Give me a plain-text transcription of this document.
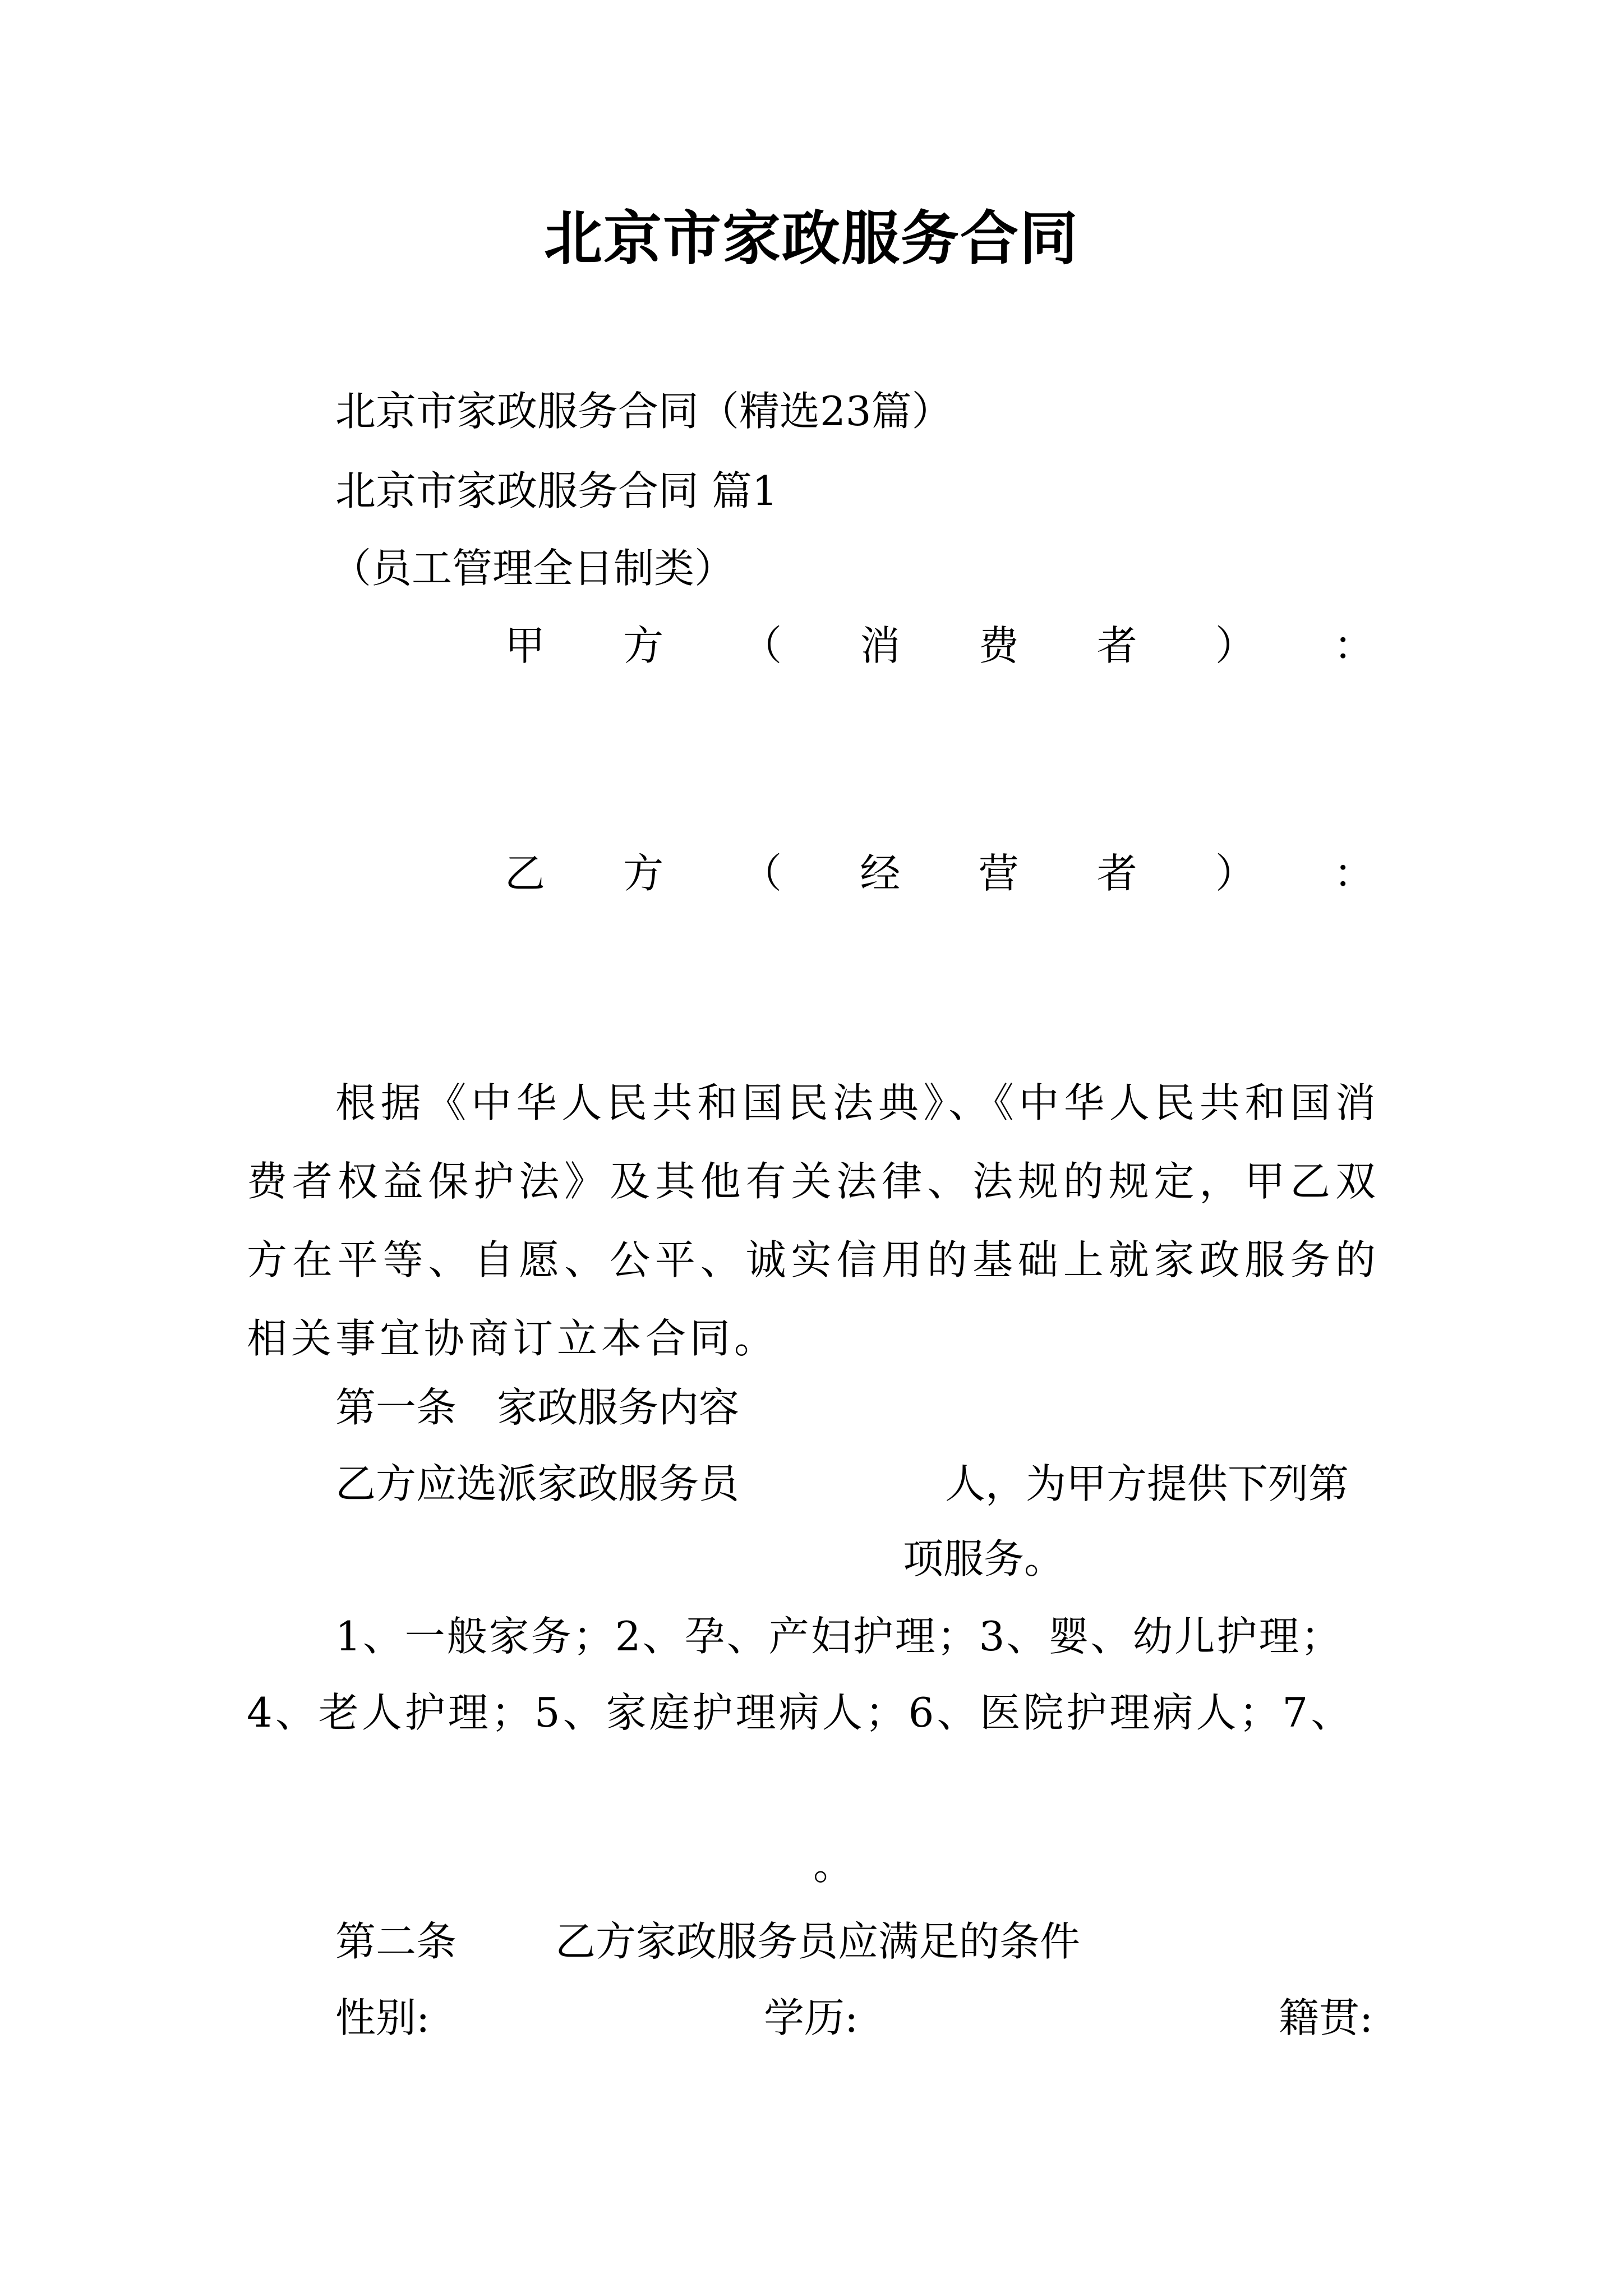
北京市家政服务合同
北京市家政服务合同（精选23篇）
北京市家政服务合同 篇1
（员工管理全日制类）
甲 方 （ 消 费 者 ） ：
乙 方 （ 经 营 者 ） ：
根据《中华人民共和国民法典》、《中华人民共和国消费者权益保护法》及其他有关法律、法规的规定，甲乙双方在平等、自愿、公平、诚实信用的基础上就家政服务的相关事宜协商订立本合同。
第一条　家政服务内容
乙方应选派家政服务员	人，为甲方提供下列第
项服务。
1、一般家务；2、孕、产妇护理；3、婴、幼儿护理；
4、老人护理；5、家庭护理病人；6、医院护理病人；7、
。
第二条 乙方家政服务员应满足的条件
性别:	学历:	籍贯:
